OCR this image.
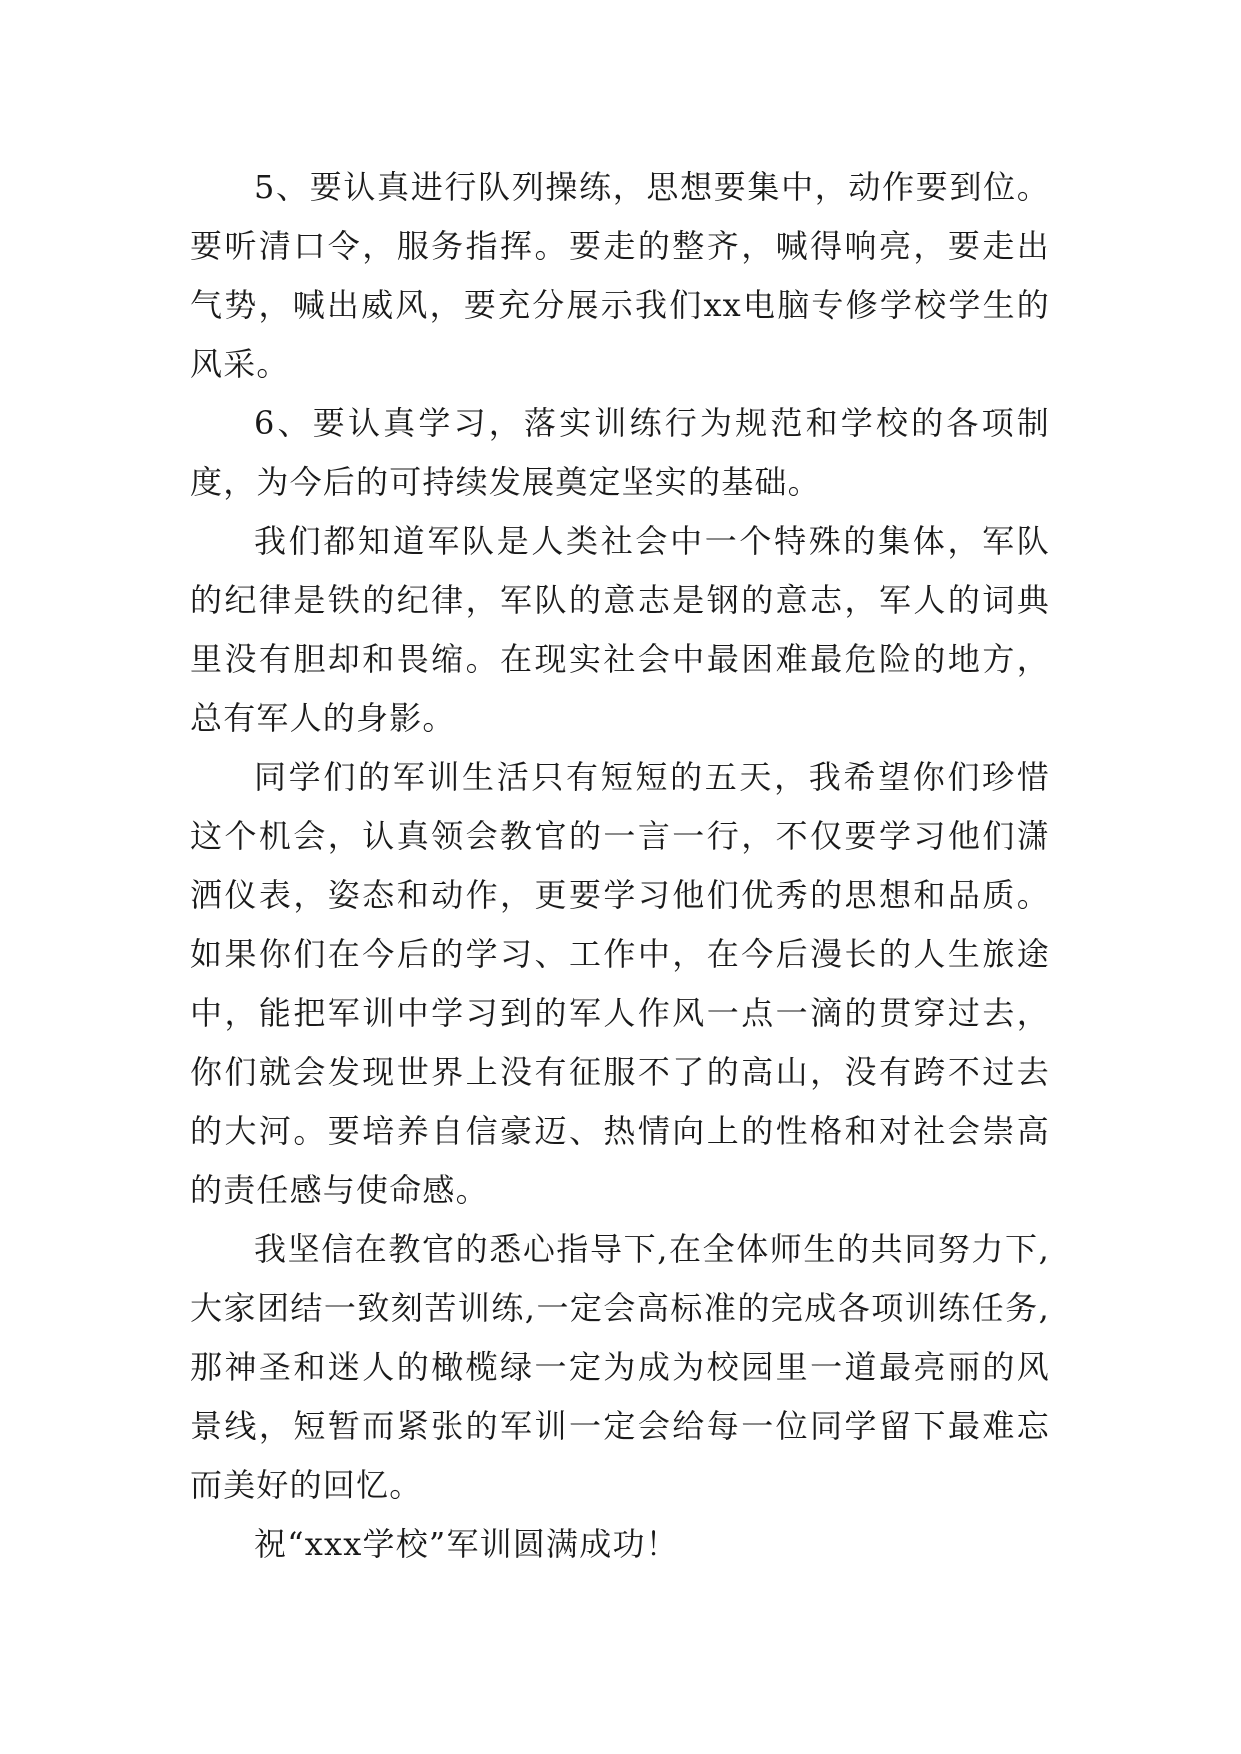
5、要认真进行队列操练，思想要集中，动作要到位。要听清口令，服务指挥。要走的整齐，喊得响亮，要走出气势，喊出威风，要充分展示我们xx电脑专修学校学生的风采。

6、要认真学习，落实训练行为规范和学校的各项制度，为今后的可持续发展奠定坚实的基础。

我们都知道军队是人类社会中一个特殊的集体，军队的纪律是铁的纪律，军队的意志是钢的意志，军人的词典里没有胆却和畏缩。在现实社会中最困难最危险的地方，总有军人的身影。

同学们的军训生活只有短短的五天，我希望你们珍惜这个机会，认真领会教官的一言一行，不仅要学习他们潇洒仪表，姿态和动作，更要学习他们优秀的思想和品质。如果你们在今后的学习、工作中，在今后漫长的人生旅途中，能把军训中学习到的军人作风一点一滴的贯穿过去，你们就会发现世界上没有征服不了的高山，没有跨不过去的大河。要培养自信豪迈、热情向上的性格和对社会崇高的责任感与使命感。

我坚信在教官的悉心指导下,在全体师生的共同努力下,大家团结一致刻苦训练,一定会高标准的完成各项训练任务,那神圣和迷人的橄榄绿一定为成为校园里一道最亮丽的风景线，短暂而紧张的军训一定会给每一位同学留下最难忘而美好的回忆。

祝“xxx学校”军训圆满成功！
